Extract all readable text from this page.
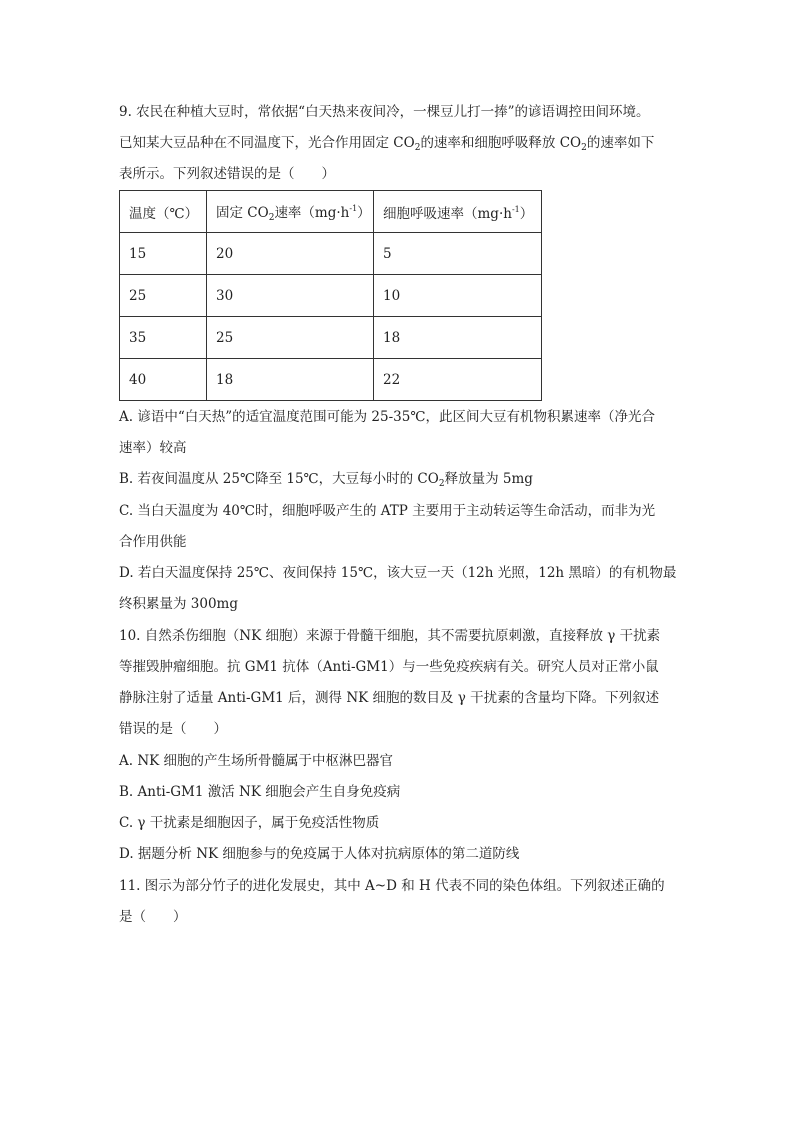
9. 农民在种植大豆时，常依据“白天热来夜间冷，一棵豆儿打一捧”的谚语调控田间环境。
已知某大豆品种在不同温度下，光合作用固定 $CO_2$的速率和细胞呼吸释放 $CO_2$的速率如下
表所示。下列叙述错误的是（　　）
温度（℃）	固定 $CO_2$速率$(mg\cdot h^{-1})$	细胞呼吸速率$(mg\cdot h^{-1})$
15	20	5
25	30	10
35	25	18
40	18	22
A. 谚语中“白天热”的适宜温度范围可能为 25-35℃，此区间大豆有机物积累速率（净光合
速率）较高
B. 若夜间温度从 25℃降至 15℃，大豆每小时的 $CO_2$释放量为 5mg
C. 当白天温度为 40℃时，细胞呼吸产生的 ATP 主要用于主动转运等生命活动，而非为光
合作用供能
D. 若白天温度保持 25℃、夜间保持 15℃，该大豆一天（12h 光照，12h 黑暗）的有机物最
终积累量为 300mg
10. 自然杀伤细胞（NK 细胞）来源于骨髓干细胞，其不需要抗原刺激，直接释放 γ 干扰素
等摧毁肿瘤细胞。抗 GM1 抗体（Anti-GM1）与一些免疫疾病有关。研究人员对正常小鼠
静脉注射了适量 Anti-GM1 后，测得 NK 细胞的数目及 γ 干扰素的含量均下降。下列叙述
错误的是（　　）
A. NK 细胞的产生场所骨髓属于中枢淋巴器官
B. Anti-GM1 激活 NK 细胞会产生自身免疫病
C. γ 干扰素是细胞因子，属于免疫活性物质
D. 据题分析 NK 细胞参与的免疫属于人体对抗病原体的第二道防线
11. 图示为部分竹子的进化发展史，其中 A~D 和 H 代表不同的染色体组。下列叙述正确的
是（　　）
